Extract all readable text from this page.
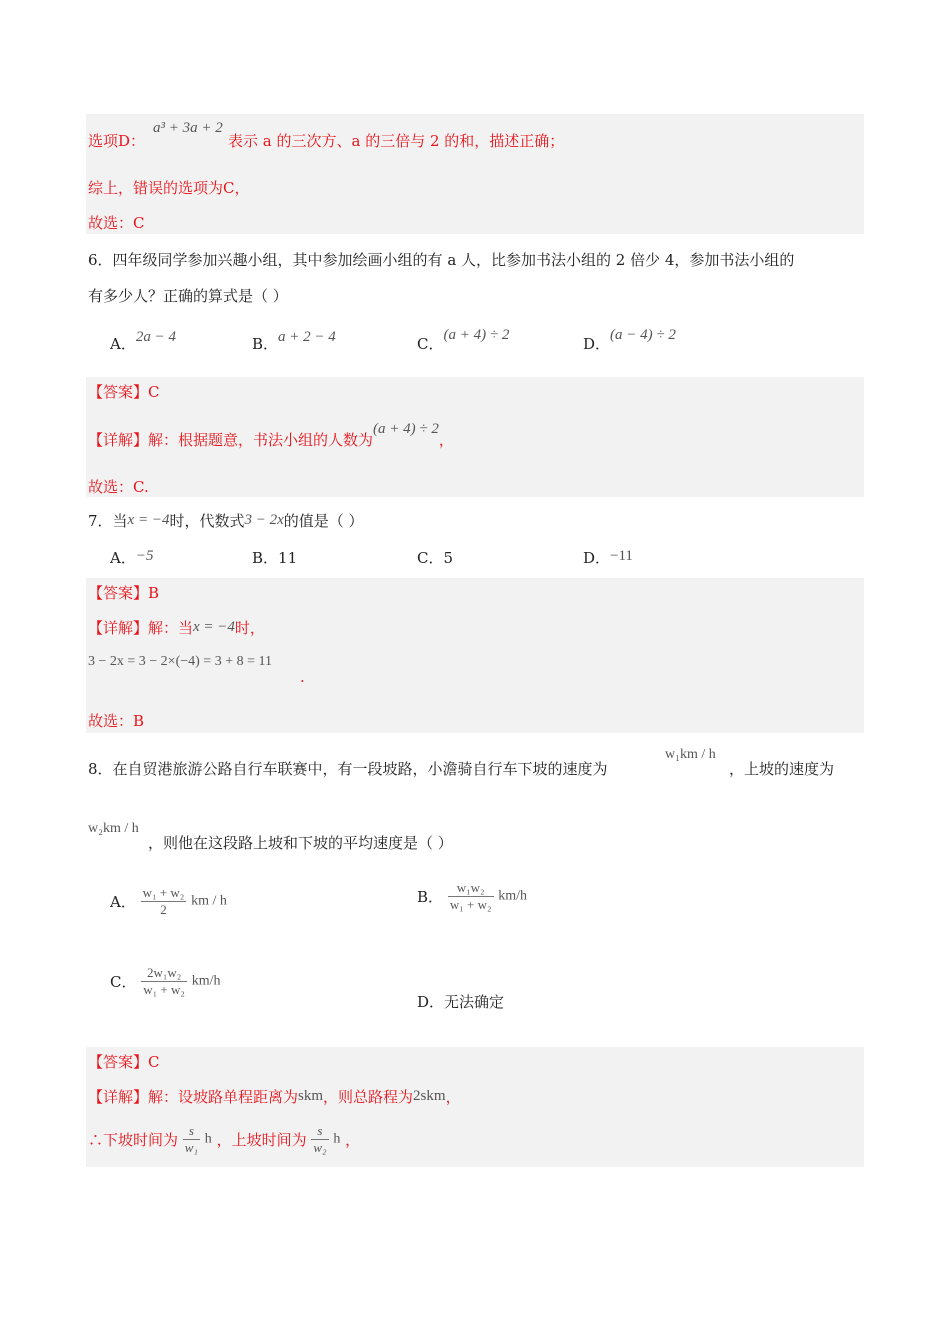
选项D：
a³ + 3a + 2
表示 a 的三次方、a 的三倍与 2 的和，描述正确；
综上，错误的选项为C，
故选：C
6．四年级同学参加兴趣小组，其中参加绘画小组的有 a 人，比参加书法小组的 2 倍少 4，参加书法小组的
有多少人？正确的算式是（ ）
A．2a − 4	B．a + 2 − 4	C．(a + 4) ÷ 2	D．(a − 4) ÷ 2
【答案】C
【详解】解：根据题意，书法小组的人数为(a + 4) ÷ 2，
故选：C.
7．当x = −4时，代数式3 − 2x的值是（ ）
A．−5	B．11	C．5	D．−11
【答案】B
【详解】解：当x = −4时，
3 − 2x = 3 − 2×(−4) = 3 + 8 = 11
.
故选：B
8．在自贸港旅游公路自行车联赛中，有一段坡路，小澹骑自行车下坡的速度为
w₁km / h
，上坡的速度为
w₂km / h
，则他在这段路上坡和下坡的平均速度是（ ）
A． $\frac{\text{w₁ + w₂}}{2}$ km / h	B． $\frac{\text{w₁w₂}}{\text{w₁ + w₂}} km/h$
C． $\frac{\text{2w₁w₂}}{\text{w₁ + w₂}} km/h$
D．无法确定
【答案】C
【详解】解：设坡路单程距离为skm，则总路程为2skm，
∴下坡时间为 $\frac{s}{\text{w₁}}$ h ，上坡时间为 $\frac{s}{\text{w₂}}$ h ，
